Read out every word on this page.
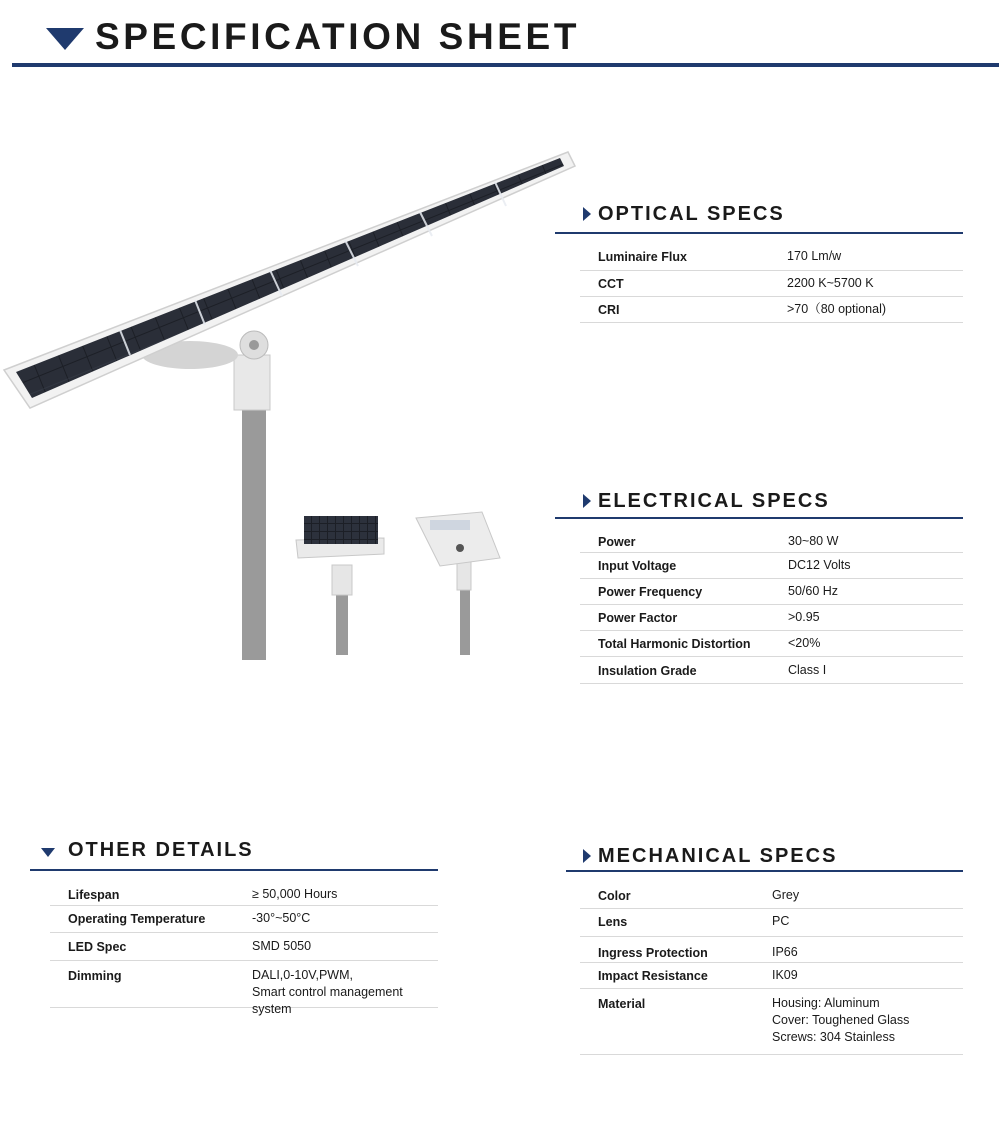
SPECIFICATION SHEET
OPTICAL SPECS
Luminaire Flux	170 Lm/w
CCT	2200 K~5700 K
CRI	>70（80 optional)
ELECTRICAL SPECS
Power	30~80 W
Input Voltage	DC12 Volts
Power Frequency	50/60 Hz
Power Factor	>0.95
Total Harmonic Distortion	<20%
Insulation Grade	Class I
OTHER DETAILS
Lifespan	≥ 50,000 Hours
Operating Temperature	-30°~50°C
LED Spec	SMD 5050
Dimming	DALI,0-10V,PWM,
Smart control management system
MECHANICAL SPECS
Color	Grey
Lens	PC
Ingress Protection	IP66
Impact Resistance	IK09
Material	Housing: Aluminum
Cover: Toughened Glass
Screws: 304 Stainless
